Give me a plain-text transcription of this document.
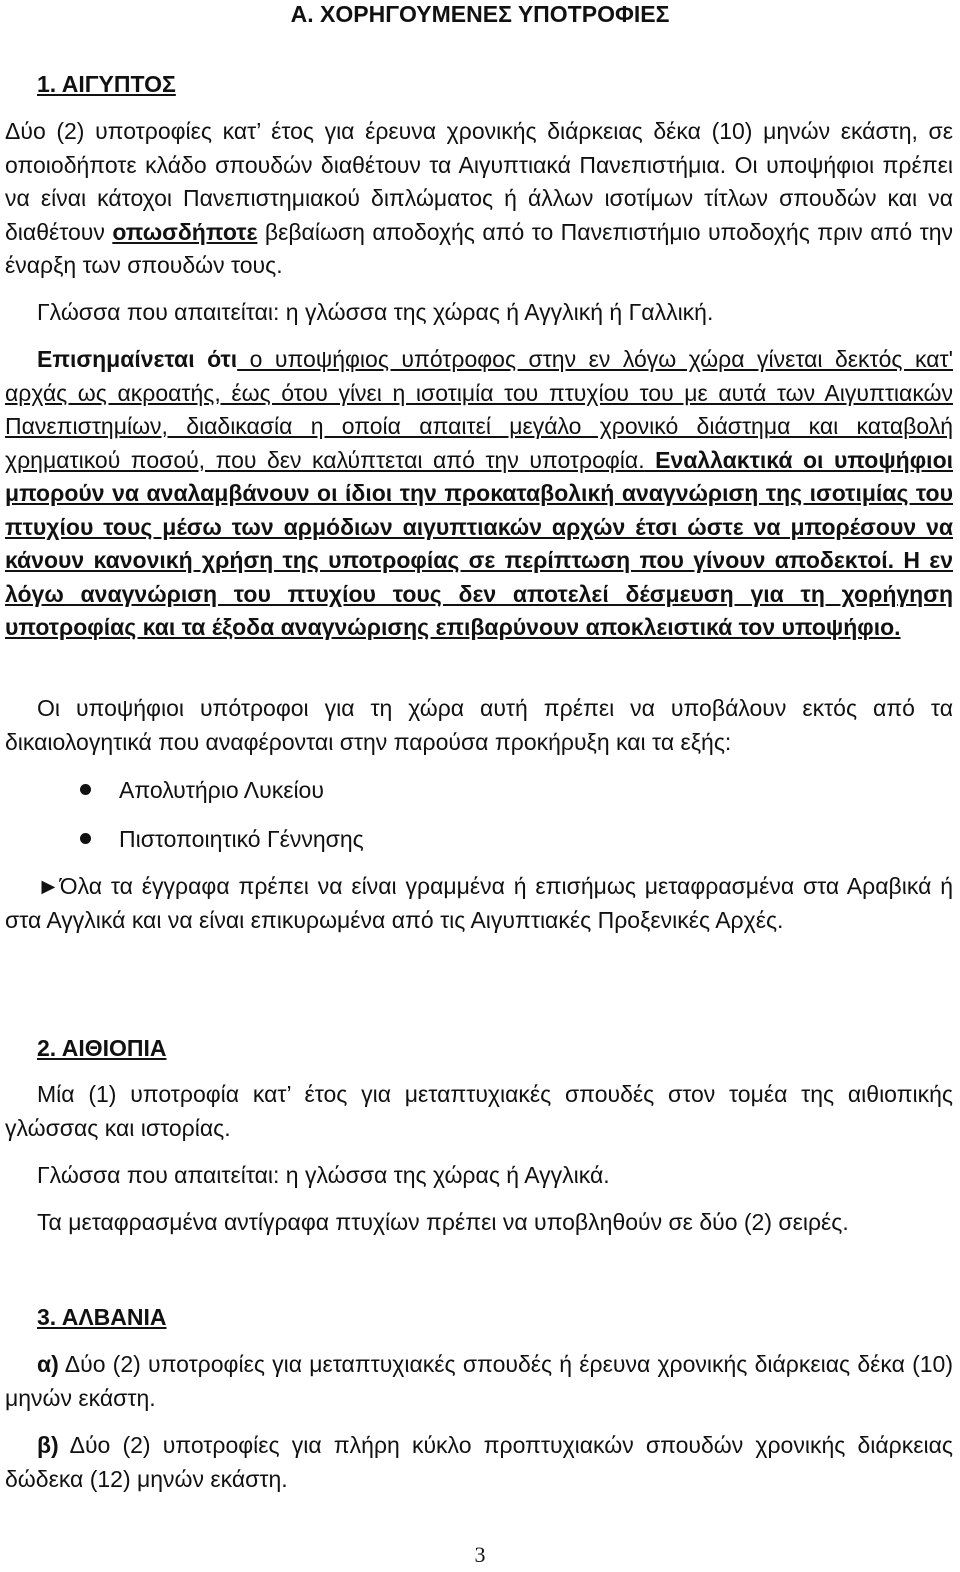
Α. ΧΟΡΗΓΟΥΜΕΝΕΣ ΥΠΟΤΡΟΦΙΕΣ
1. ΑΙΓΥΠΤΟΣ
Δύο (2) υποτροφίες κατ’ έτος για έρευνα χρονικής διάρκειας δέκα (10) μηνών εκάστη, σε οποιοδήποτε κλάδο σπουδών διαθέτουν τα Αιγυπτιακά Πανεπιστήμια. Οι υποψήφιοι πρέπει να είναι κάτοχοι Πανεπιστημιακού διπλώματος ή άλλων ισοτίμων τίτλων σπουδών και να διαθέτουν οπωσδήποτε βεβαίωση αποδοχής από το Πανεπιστήμιο υποδοχής πριν από την έναρξη των σπουδών τους.
Γλώσσα που απαιτείται: η γλώσσα της χώρας ή Αγγλική ή Γαλλική.
Επισημαίνεται ότι ο υποψήφιος υπότροφος στην εν λόγω χώρα γίνεται δεκτός κατ' αρχάς ως ακροατής, έως ότου γίνει η ισοτιμία του πτυχίου του με αυτά των Αιγυπτιακών Πανεπιστημίων, διαδικασία η οποία απαιτεί μεγάλο χρονικό διάστημα και καταβολή χρηματικού ποσού, που δεν καλύπτεται από την υποτροφία. Εναλλακτικά οι υποψήφιοι μπορούν να αναλαμβάνουν οι ίδιοι την προκαταβολική αναγνώριση της ισοτιμίας του πτυχίου τους μέσω των αρμόδιων αιγυπτιακών αρχών έτσι ώστε να μπορέσουν να κάνουν κανονική χρήση της υποτροφίας σε περίπτωση που γίνουν αποδεκτοί. Η εν λόγω αναγνώριση του πτυχίου τους δεν αποτελεί δέσμευση για τη χορήγηση υποτροφίας και τα έξοδα αναγνώρισης επιβαρύνουν αποκλειστικά τον υποψήφιο.
Οι υποψήφιοι υπότροφοι για τη χώρα αυτή πρέπει να υποβάλουν εκτός από τα δικαιολογητικά που αναφέρονται στην παρούσα προκήρυξη και τα εξής:
Απολυτήριο Λυκείου
Πιστοποιητικό Γέννησης
►Όλα τα έγγραφα πρέπει να είναι γραμμένα ή επισήμως μεταφρασμένα στα Αραβικά ή στα Αγγλικά και να είναι επικυρωμένα από τις Αιγυπτιακές Προξενικές Αρχές.
2. ΑΙΘΙΟΠΙΑ
Μία (1) υποτροφία κατ’ έτος για μεταπτυχιακές σπουδές στον τομέα της αιθιοπικής γλώσσας και ιστορίας.
Γλώσσα που απαιτείται: η γλώσσα της χώρας ή Αγγλικά.
Τα μεταφρασμένα αντίγραφα πτυχίων πρέπει να υποβληθούν σε δύο (2) σειρές.
3. ΑΛΒΑΝΙΑ
α) Δύο (2) υποτροφίες για μεταπτυχιακές σπουδές ή έρευνα χρονικής διάρκειας δέκα (10) μηνών εκάστη.
β) Δύο (2) υποτροφίες για πλήρη κύκλο προπτυχιακών σπουδών χρονικής διάρκειας δώδεκα (12) μηνών εκάστη.
3
